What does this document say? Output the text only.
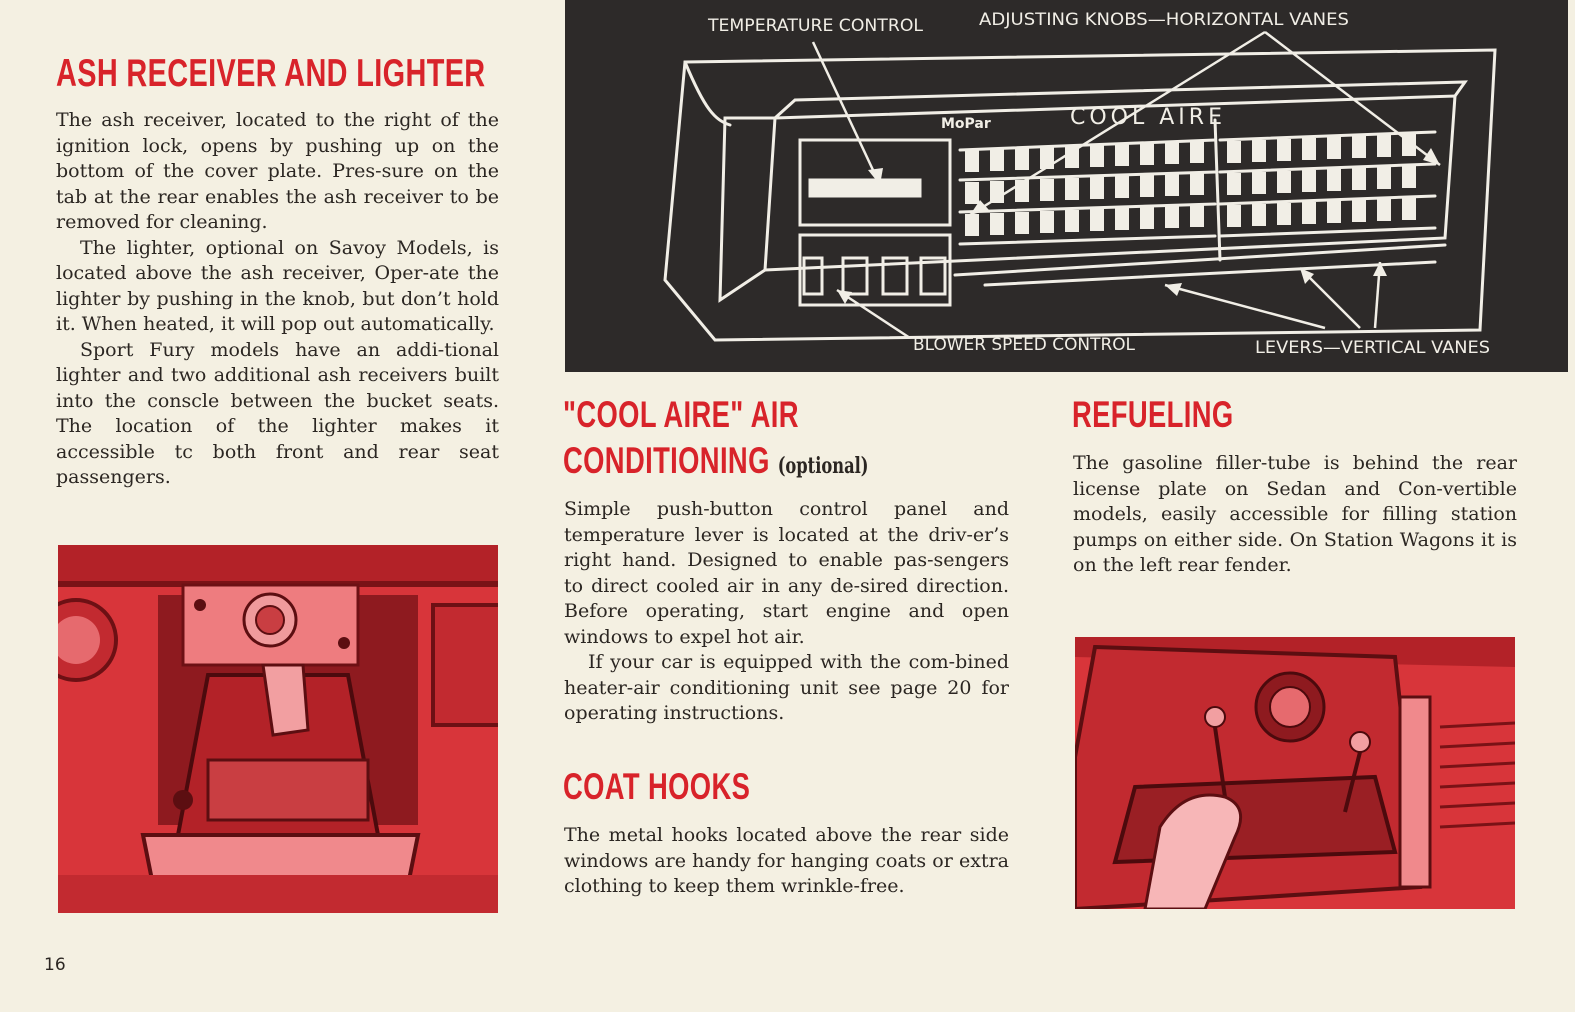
ASH RECEIVER AND LIGHTER

The ash receiver, located to the right of the ignition lock, opens by pushing up on the bottom of the cover plate. Pres-sure on the tab at the rear enables the ash receiver to be removed for cleaning.

The lighter, optional on Savoy Models, is located above the ash receiver, Oper-ate the lighter by pushing in the knob, but don’t hold it. When heated, it will pop out automatically.

Sport Fury models have an addi-tional lighter and two additional ash receivers built into the conscle between the bucket seats. The location of the lighter makes it accessible tc both front and rear seat passengers.

16
MoPar	COOL AIRE
TEMPERATURE CONTROL	ADJUSTING KNOBS—HORIZONTAL VANES
BLOWER SPEED CONTROL	LEVERS—VERTICAL VANES
"COOL AIRE" AIR
CONDITIONING (optional)

Simple push-button control panel and temperature lever is located at the driv-er’s right hand. Designed to enable pas-sengers to direct cooled air in any de-sired direction. Before operating, start engine and open windows to expel hot air.

If your car is equipped with the com-bined heater-air conditioning unit see page 20 for operating instructions.

COAT HOOKS

The metal hooks located above the rear side windows are handy for hanging coats or extra clothing to keep them wrinkle-free.

REFUELING

The gasoline filler-tube is behind the rear license plate on Sedan and Con-vertible models, easily accessible for filling station pumps on either side. On Station Wagons it is on the left rear fender.
